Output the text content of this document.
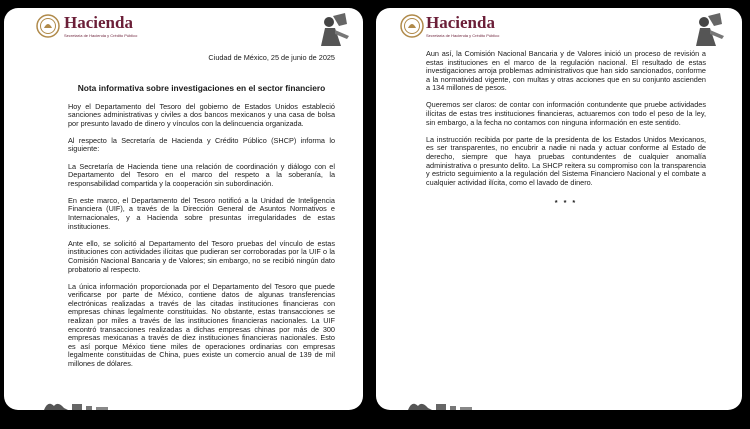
Hacienda
Secretaría de Hacienda y Crédito Público

Ciudad de México, 25 de junio de 2025

Nota informativa sobre investigaciones en el sector financiero

Hoy el Departamento del Tesoro del gobierno de Estados Unidos estableció sanciones administrativas y civiles a dos bancos mexicanos y una casa de bolsa por presunto lavado de dinero y vínculos con la delincuencia organizada.

Al respecto la Secretaría de Hacienda y Crédito Público (SHCP) informa lo siguiente:

La Secretaría de Hacienda tiene una relación de coordinación y diálogo con el Departamento del Tesoro en el marco del respeto a la soberanía, la responsabilidad compartida y la cooperación sin subordinación.

En este marco, el Departamento del Tesoro notificó a la Unidad de Inteligencia Financiera (UIF), a través de la Dirección General de Asuntos Normativos e Internacionales, y a Hacienda sobre presuntas irregularidades de estas instituciones.

Ante ello, se solicitó al Departamento del Tesoro pruebas del vínculo de estas instituciones con actividades ilícitas que pudieran ser corroboradas por la UIF o la Comisión Nacional Bancaria y de Valores; sin embargo, no se recibió ningún dato probatorio al respecto.

La única información proporcionada por el Departamento del Tesoro que puede verificarse por parte de México, contiene datos de algunas transferencias electrónicas realizadas a través de las citadas instituciones financieras con empresas chinas legalmente constituidas. No obstante, estas transacciones se realizan por miles a través de las instituciones financieras nacionales. La UIF encontró transacciones realizadas a dichas empresas chinas por más de 300 empresas mexicanas a través de diez instituciones financieras nacionales. Esto es así porque México tiene miles de operaciones ordinarias con empresas legalmente constituidas de China, pues existe un comercio anual de 139 de mil millones de dólares.

Hacienda
Secretaría de Hacienda y Crédito Público

Aun así, la Comisión Nacional Bancaria y de Valores inició un proceso de revisión a estas instituciones en el marco de la regulación nacional. El resultado de estas investigaciones arroja problemas administrativos que han sido sancionados, conforme a la normatividad vigente, con multas y otras acciones que en su conjunto ascienden a 134 millones de pesos.

Queremos ser claros: de contar con información contundente que pruebe actividades ilícitas de estas tres instituciones financieras, actuaremos con todo el peso de la ley, sin embargo, a la fecha no contamos con ninguna información en este sentido.

La instrucción recibida por parte de la presidenta de los Estados Unidos Mexicanos, es ser transparentes, no encubrir a nadie ni nada y actuar conforme al Estado de derecho, siempre que haya pruebas contundentes de cualquier anomalía administrativa o presunto delito. La SHCP reitera su compromiso con la transparencia y estricto seguimiento a la regulación del Sistema Financiero Nacional y el combate a cualquier actividad ilícita, como el lavado de dinero.

* * *
